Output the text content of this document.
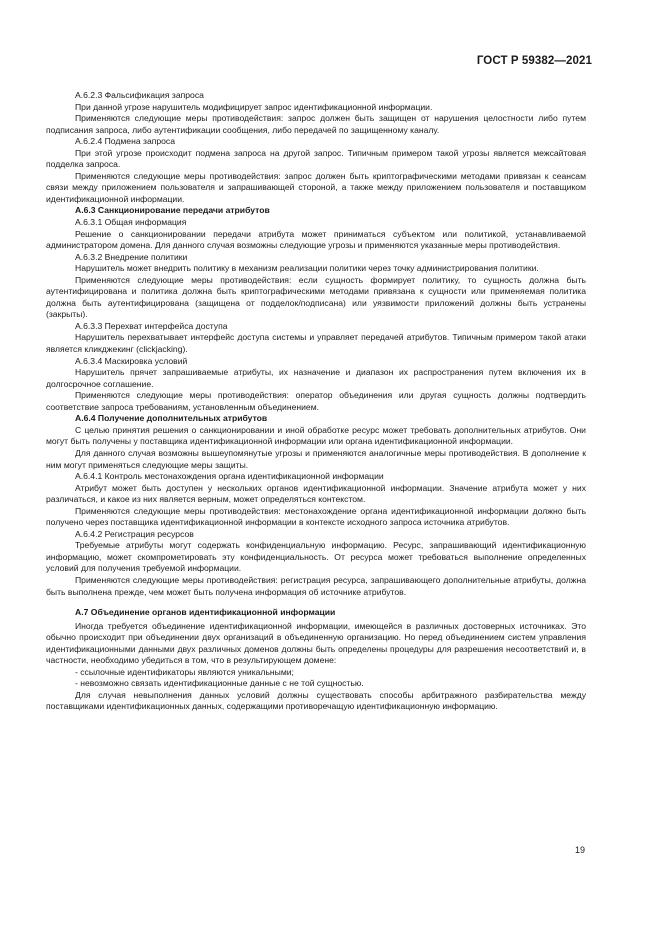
ГОСТ Р 59382—2021

А.6.2.3 Фальсификация запроса

При данной угрозе нарушитель модифицирует запрос идентификационной информации.

Применяются следующие меры противодействия: запрос должен быть защищен от нарушения целостности либо путем подписания запроса, либо аутентификации сообщения, либо передачей по защищенному каналу.

А.6.2.4 Подмена запроса

При этой угрозе происходит подмена запроса на другой запрос. Типичным примером такой угрозы является межсайтовая подделка запроса.

Применяются следующие меры противодействия: запрос должен быть криптографическими методами привязан к сеансам связи между приложением пользователя и запрашивающей стороной, а также между приложением пользователя и поставщиком идентификационной информации.

А.6.3 Санкционирование передачи атрибутов

А.6.3.1 Общая информация

Решение о санкционировании передачи атрибута может приниматься субъектом или политикой, устанавливаемой администратором домена. Для данного случая возможны следующие угрозы и применяются указанные меры противодействия.

А.6.3.2 Внедрение политики

Нарушитель может внедрить политику в механизм реализации политики через точку администрирования политики.

Применяются следующие меры противодействия: если сущность формирует политику, то сущность должна быть аутентифицирована и политика должна быть криптографическими методами привязана к сущности или применяемая политика должна быть аутентифицирована (защищена от подделок/подписана) или уязвимости приложений должны быть устранены (закрыты).

А.6.3.3 Перехват интерфейса доступа

Нарушитель перехватывает интерфейс доступа системы и управляет передачей атрибутов. Типичным примером такой атаки является кликджекинг (clickjacking).

А.6.3.4 Маскировка условий

Нарушитель прячет запрашиваемые атрибуты, их назначение и диапазон их распространения путем включения их в долгосрочное соглашение.

Применяются следующие меры противодействия: оператор объединения или другая сущность должны подтвердить соответствие запроса требованиям, установленным объединением.

А.6.4 Получение дополнительных атрибутов

С целью принятия решения о санкционировании и иной обработке ресурс может требовать дополнительных атрибутов. Они могут быть получены у поставщика идентификационной информации или органа идентификационной информации.

Для данного случая возможны вышеупомянутые угрозы и применяются аналогичные меры противодействия. В дополнение к ним могут применяться следующие меры защиты.

А.6.4.1 Контроль местонахождения органа идентификационной информации

Атрибут может быть доступен у нескольких органов идентификационной информации. Значение атрибута может у них различаться, и какое из них является верным, может определяться контекстом.

Применяются следующие меры противодействия: местонахождение органа идентификационной информации должно быть получено через поставщика идентификационной информации в контексте исходного запроса источника атрибутов.

А.6.4.2 Регистрация ресурсов

Требуемые атрибуты могут содержать конфиденциальную информацию. Ресурс, запрашивающий идентификационную информацию, может скомпрометировать эту конфиденциальность. От ресурса может требоваться выполнение определенных условий для получения требуемой информации.

Применяются следующие меры противодействия: регистрация ресурса, запрашивающего дополнительные атрибуты, должна быть выполнена прежде, чем может быть получена информация об источнике атрибутов.

А.7 Объединение органов идентификационной информации

Иногда требуется объединение идентификационной информации, имеющейся в различных достоверных источниках. Это обычно происходит при объединении двух организаций в объединенную организацию. Но перед объединением систем управления идентификационными данными двух различных доменов должны быть определены процедуры для разрешения несоответствий и, в частности, необходимо убедиться в том, что в результирующем домене:

- ссылочные идентификаторы являются уникальными;

- невозможно связать идентификационные данные с не той сущностью.

Для случая невыполнения данных условий должны существовать способы арбитражного разбирательства между поставщиками идентификационных данных, содержащими противоречащую идентификационную информацию.

19
